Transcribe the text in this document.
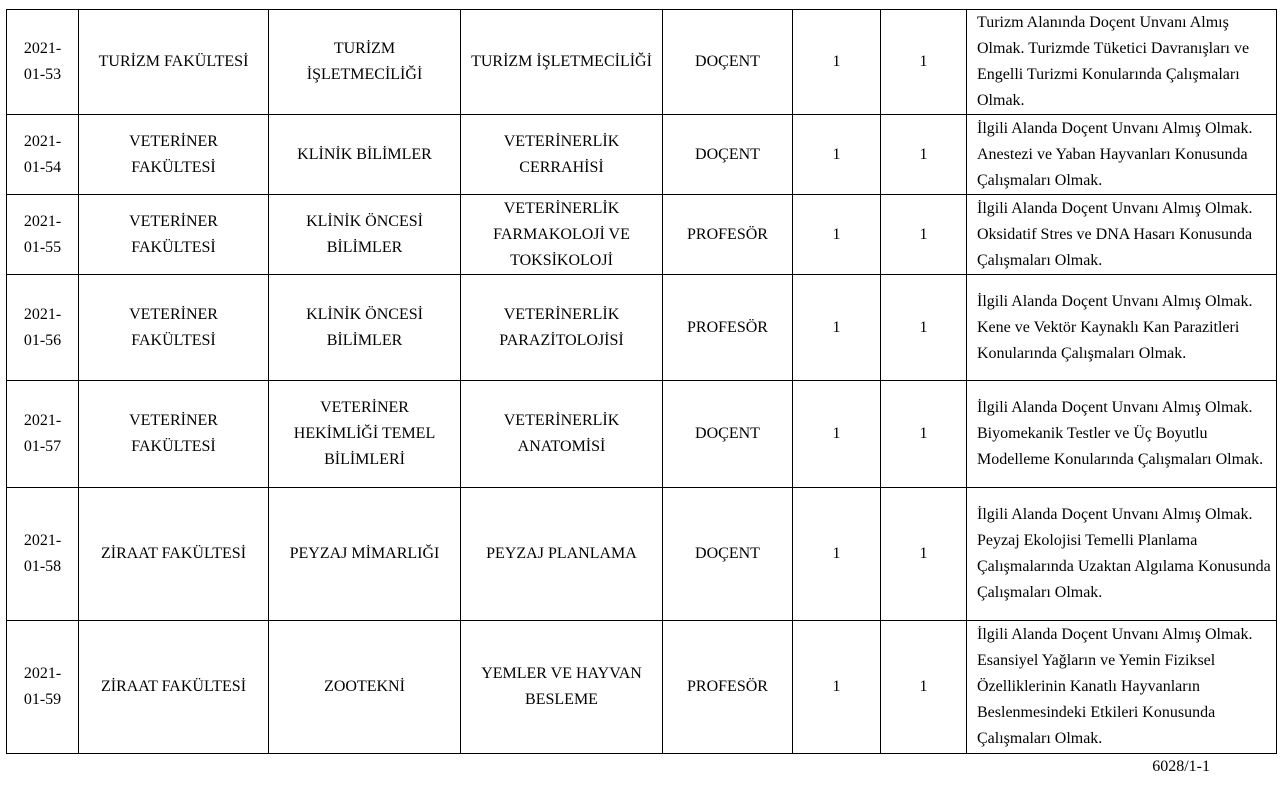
2021-01-53	TURİZM FAKÜLTESİ	TURİZM İŞLETMECİLİĞİ	TURİZM İŞLETMECİLİĞİ	DOÇENT	1	1	Turizm Alanında Doçent Unvanı Almış Olmak. Turizmde Tüketici Davranışları ve Engelli Turizmi Konularında Çalışmaları Olmak.
2021-01-54	VETERİNER FAKÜLTESİ	KLİNİK BİLİMLER	VETERİNERLİK CERRAHİSİ	DOÇENT	1	1	İlgili Alanda Doçent Unvanı Almış Olmak. Anestezi ve Yaban Hayvanları Konusunda Çalışmaları Olmak.
2021-01-55	VETERİNER FAKÜLTESİ	KLİNİK ÖNCESİ BİLİMLER	VETERİNERLİK FARMAKOLOJİ VE TOKSİKOLOJİ	PROFESÖR	1	1	İlgili Alanda Doçent Unvanı Almış Olmak. Oksidatif Stres ve DNA Hasarı Konusunda Çalışmaları Olmak.
2021-01-56	VETERİNER FAKÜLTESİ	KLİNİK ÖNCESİ BİLİMLER	VETERİNERLİK PARAZİTOLOJİSİ	PROFESÖR	1	1	İlgili Alanda Doçent Unvanı Almış Olmak. Kene ve Vektör Kaynaklı Kan Parazitleri Konularında Çalışmaları Olmak.
2021-01-57	VETERİNER FAKÜLTESİ	VETERİNER HEKİMLİĞİ TEMEL BİLİMLERİ	VETERİNERLİK ANATOMİSİ	DOÇENT	1	1	İlgili Alanda Doçent Unvanı Almış Olmak. Biyomekanik Testler ve Üç Boyutlu Modelleme Konularında Çalışmaları Olmak.
2021-01-58	ZİRAAT FAKÜLTESİ	PEYZAJ MİMARLIĞI	PEYZAJ PLANLAMA	DOÇENT	1	1	İlgili Alanda Doçent Unvanı Almış Olmak. Peyzaj Ekolojisi Temelli Planlama Çalışmalarında Uzaktan Algılama Konusunda Çalışmaları Olmak.
2021-01-59	ZİRAAT FAKÜLTESİ	ZOOTEKNİ	YEMLER VE HAYVAN BESLEME	PROFESÖR	1	1	İlgili Alanda Doçent Unvanı Almış Olmak. Esansiyel Yağların ve Yemin Fiziksel Özelliklerinin Kanatlı Hayvanların Beslenmesindeki Etkileri Konusunda Çalışmaları Olmak.
6028/1-1
